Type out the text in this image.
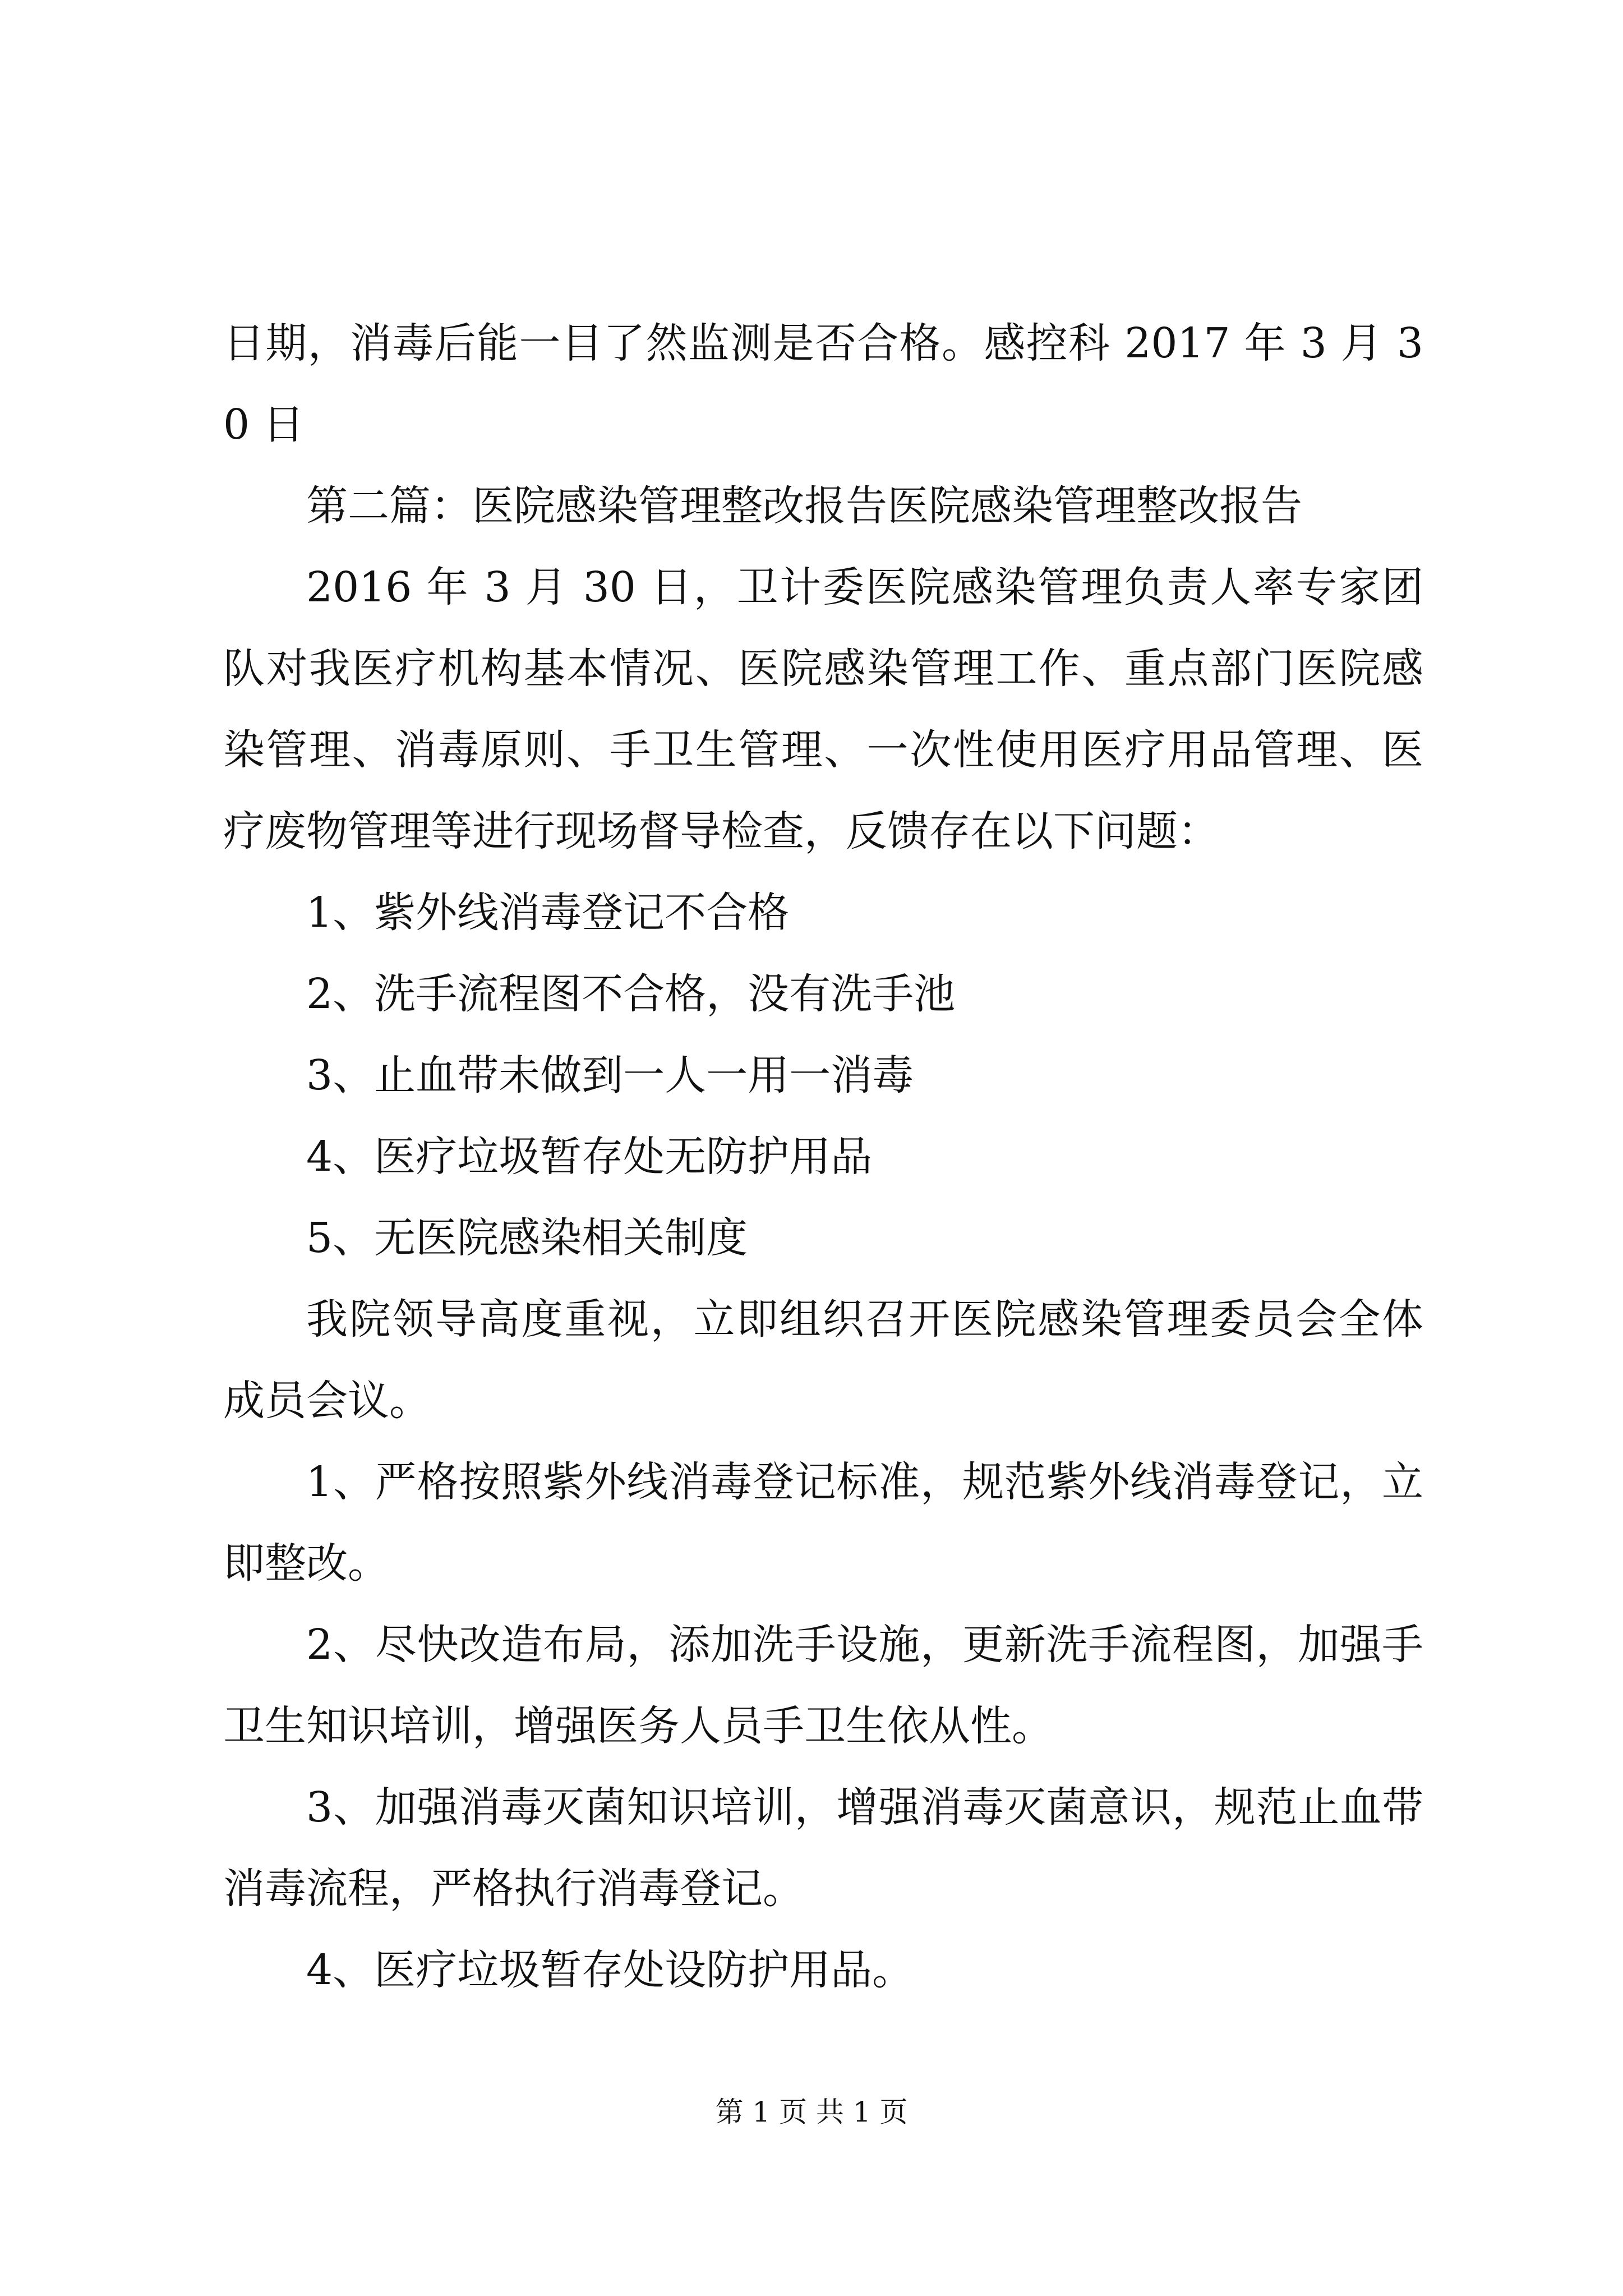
日期，消毒后能一目了然监测是否合格。感控科 2017 年 3 月 30 日

第二篇：医院感染管理整改报告医院感染管理整改报告

2016 年 3 月 30 日，卫计委医院感染管理负责人率专家团队对我医疗机构基本情况、医院感染管理工作、重点部门医院感染管理、消毒原则、手卫生管理、一次性使用医疗用品管理、医疗废物管理等进行现场督导检查，反馈存在以下问题：

1、紫外线消毒登记不合格

2、洗手流程图不合格，没有洗手池

3、止血带未做到一人一用一消毒

4、医疗垃圾暂存处无防护用品

5、无医院感染相关制度

我院领导高度重视，立即组织召开医院感染管理委员会全体成员会议。

1、严格按照紫外线消毒登记标准，规范紫外线消毒登记，立即整改。

2、尽快改造布局，添加洗手设施，更新洗手流程图，加强手卫生知识培训，增强医务人员手卫生依从性。

3、加强消毒灭菌知识培训，增强消毒灭菌意识，规范止血带消毒流程，严格执行消毒登记。

4、医疗垃圾暂存处设防护用品。

第 1 页 共 1 页
